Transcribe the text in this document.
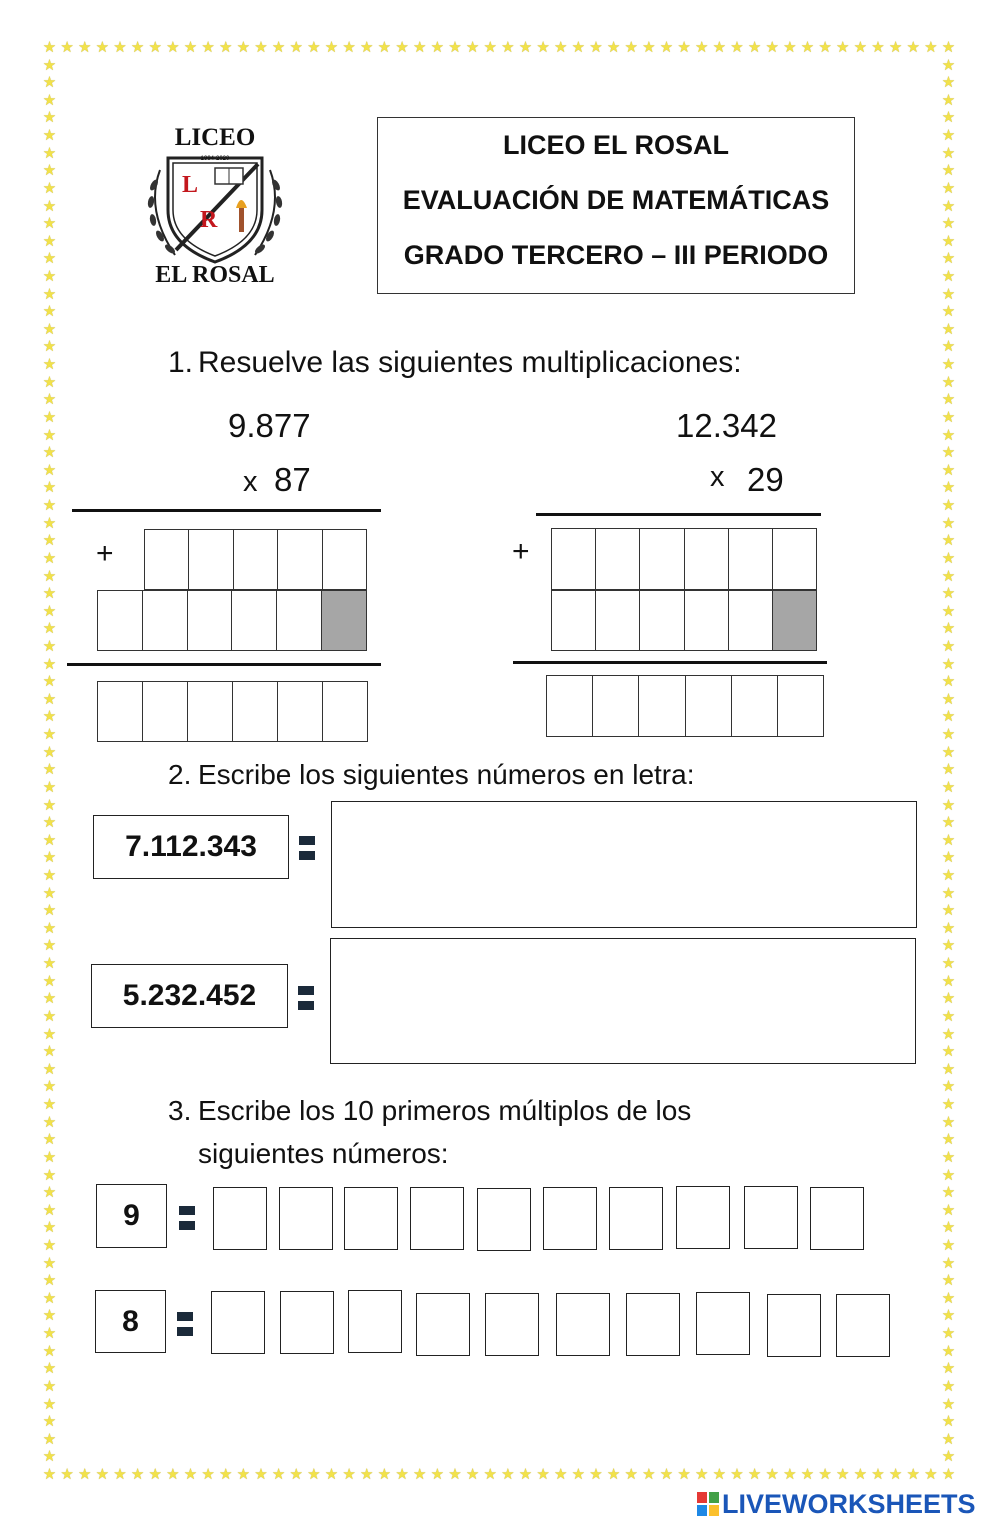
★
★
★
★
★
★
★
★
★
★
★
★
★
★
★
★
★
★
★
★
★
★
★
★
★
★
★
★
★
★
★
★
★
★
★
★
★
★
★
★
★
★
★
★
★
★
★
★
★
★
★
★
★
★
★
★
★
★
★
★
★
★
★
★
★
★
★
★
★
★
★
★
★
★
★
★
★
★
★
★
★
★
★
★
★
★
★
★
★
★
★
★
★
★
★
★
★
★
★
★
★
★
★
★
★	★
★	★
★	★
★	★
★	★
★	★
★	★
★	★
★	★
★	★
★	★
★	★
★	★
★	★
★	★
★	★
★	★
★	★
★	★
★	★
★	★
★	★
★	★
★	★
★	★
★	★
★	★
★	★
★	★
★	★
★	★
★	★
★	★
★	★
★	★
★	★
★	★
★	★
★	★
★	★
★	★
★	★
★	★
★	★
★	★
★	★
★	★
★	★
★	★
★	★
★	★
★	★
★	★
★	★
★	★
★	★
★	★
★	★
★	★
★	★
★	★
★	★
★	★
★	★
★	★
★	★
★	★
★	★
★	★
★	★
★	★
★	★
★	★
★	★
★	★
★	★
★	★
★	★
★	★
★	★
LICEO
1994-2020
L
R
EL ROSAL
LICEO EL ROSAL
EVALUACIÓN DE MATEMÁTICAS
GRADO TERCERO – III PERIODO
1. Resuelve las siguientes multiplicaciones:
9.877
x 87
+
12.342
x 29
+
2. Escribe los siguientes números en letra:
7.112.343
5.232.452
3. Escribe los 10 primeros múltiplos de los
siguientes números:
9
8
LIVEWORKSHEETS
